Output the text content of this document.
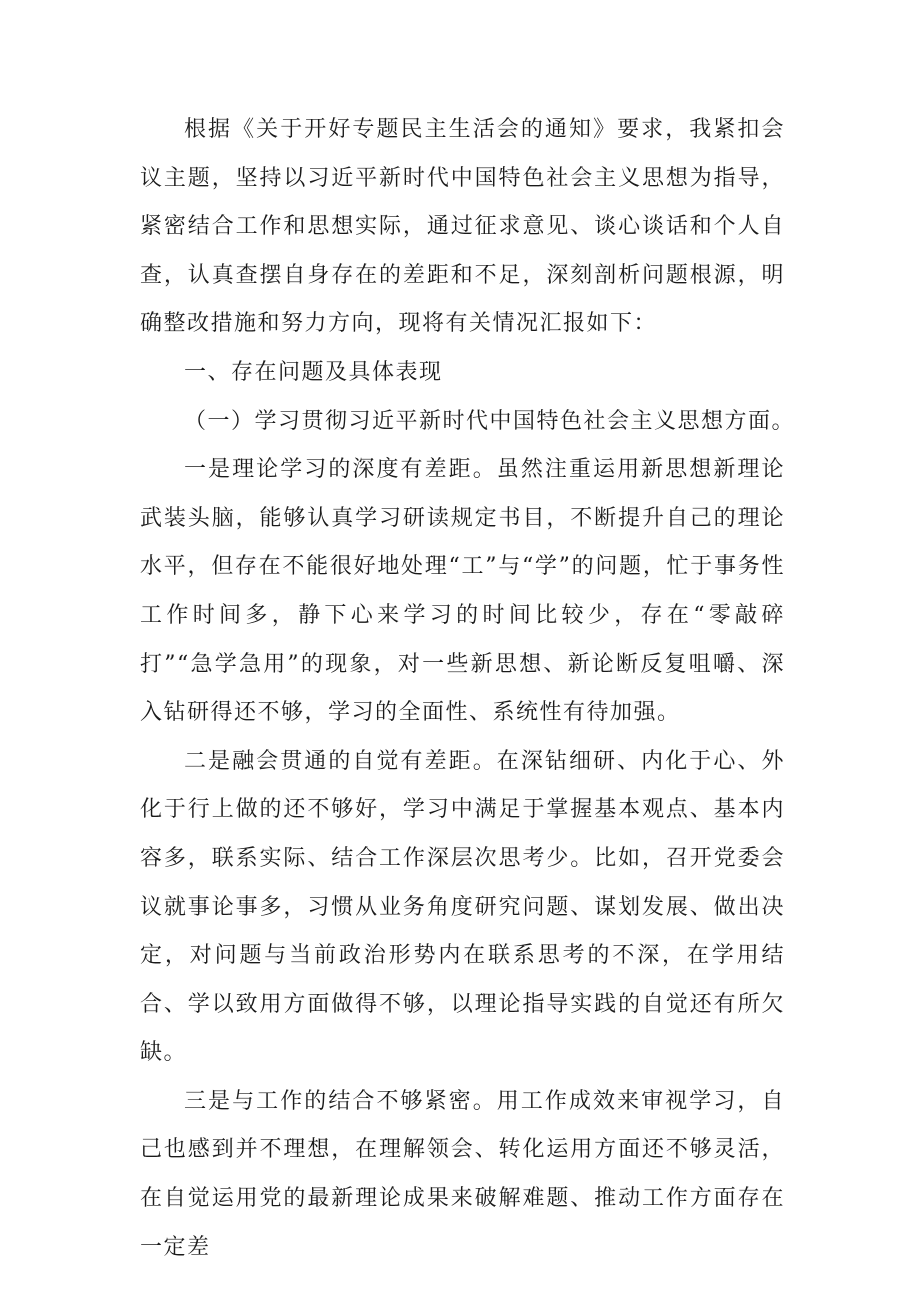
根据《关于开好专题民主生活会的通知》要求，我紧扣会议主题，坚持以习近平新时代中国特色社会主义思想为指导，紧密结合工作和思想实际，通过征求意见、谈心谈话和个人自查，认真查摆自身存在的差距和不足，深刻剖析问题根源，明确整改措施和努力方向，现将有关情况汇报如下：

一、存在问题及具体表现

（一）学习贯彻习近平新时代中国特色社会主义思想方面。

一是理论学习的深度有差距。虽然注重运用新思想新理论武装头脑，能够认真学习研读规定书目，不断提升自己的理论水平，但存在不能很好地处理“工”与“学”的问题，忙于事务性工作时间多，静下心来学习的时间比较少，存在“零敲碎打”“急学急用”的现象，对一些新思想、新论断反复咀嚼、深入钻研得还不够，学习的全面性、系统性有待加强。

二是融会贯通的自觉有差距。在深钻细研、内化于心、外化于行上做的还不够好，学习中满足于掌握基本观点、基本内容多，联系实际、结合工作深层次思考少。比如，召开党委会议就事论事多，习惯从业务角度研究问题、谋划发展、做出决定，对问题与当前政治形势内在联系思考的不深，在学用结合、学以致用方面做得不够，以理论指导实践的自觉还有所欠缺。

三是与工作的结合不够紧密。用工作成效来审视学习，自己也感到并不理想，在理解领会、转化运用方面还不够灵活，在自觉运用党的最新理论成果来破解难题、推动工作方面存在一定差
